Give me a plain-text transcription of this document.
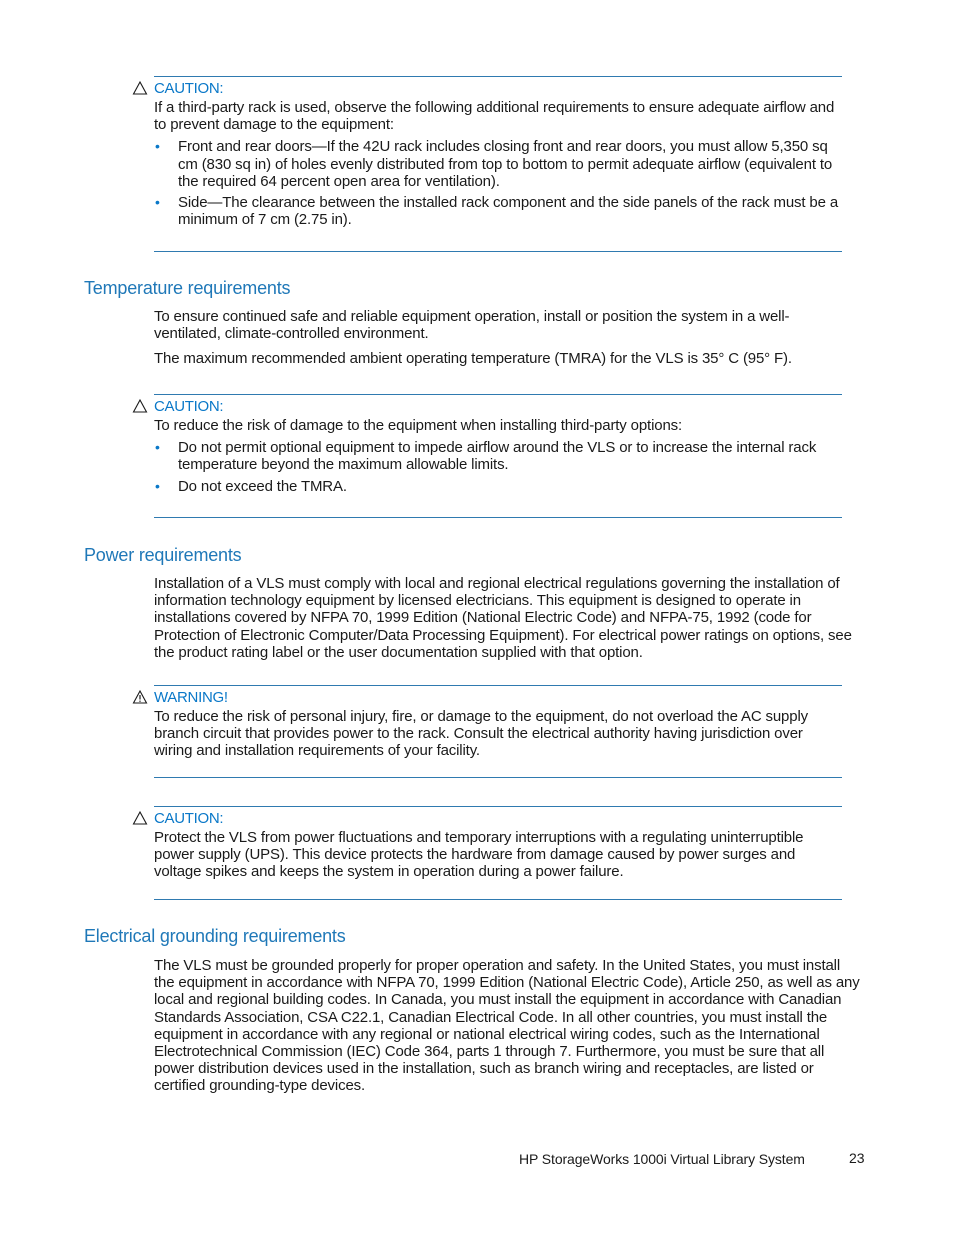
CAUTION:

If a third-party rack is used, observe the following additional requirements to ensure adequate airflow and to prevent damage to the equipment:

• Front and rear doors—If the 42U rack includes closing front and rear doors, you must allow 5,350 sq cm (830 sq in) of holes evenly distributed from top to bottom to permit adequate airflow (equivalent to the required 64 percent open area for ventilation).
• Side—The clearance between the installed rack component and the side panels of the rack must be a minimum of 7 cm (2.75 in).
Temperature requirements

To ensure continued safe and reliable equipment operation, install or position the system in a well-ventilated, climate-controlled environment.

The maximum recommended ambient operating temperature (TMRA) for the VLS is 35° C (95° F).

CAUTION:

To reduce the risk of damage to the equipment when installing third-party options:

• Do not permit optional equipment to impede airflow around the VLS or to increase the internal rack temperature beyond the maximum allowable limits.
• Do not exceed the TMRA.
Power requirements

Installation of a VLS must comply with local and regional electrical regulations governing the installation of information technology equipment by licensed electricians. This equipment is designed to operate in installations covered by NFPA 70, 1999 Edition (National Electric Code) and NFPA-75, 1992 (code for Protection of Electronic Computer/Data Processing Equipment). For electrical power ratings on options, see the product rating label or the user documentation supplied with that option.

WARNING!

To reduce the risk of personal injury, fire, or damage to the equipment, do not overload the AC supply branch circuit that provides power to the rack. Consult the electrical authority having jurisdiction over wiring and installation requirements of your facility.

CAUTION:

Protect the VLS from power fluctuations and temporary interruptions with a regulating uninterruptible power supply (UPS). This device protects the hardware from damage caused by power surges and voltage spikes and keeps the system in operation during a power failure.

Electrical grounding requirements

The VLS must be grounded properly for proper operation and safety. In the United States, you must install the equipment in accordance with NFPA 70, 1999 Edition (National Electric Code), Article 250, as well as any local and regional building codes. In Canada, you must install the equipment in accordance with Canadian Standards Association, CSA C22.1, Canadian Electrical Code. In all other countries, you must install the equipment in accordance with any regional or national electrical wiring codes, such as the International Electrotechnical Commission (IEC) Code 364, parts 1 through 7. Furthermore, you must be sure that all power distribution devices used in the installation, such as branch wiring and receptacles, are listed or certified grounding-type devices.

HP StorageWorks 1000i Virtual Library System	23
